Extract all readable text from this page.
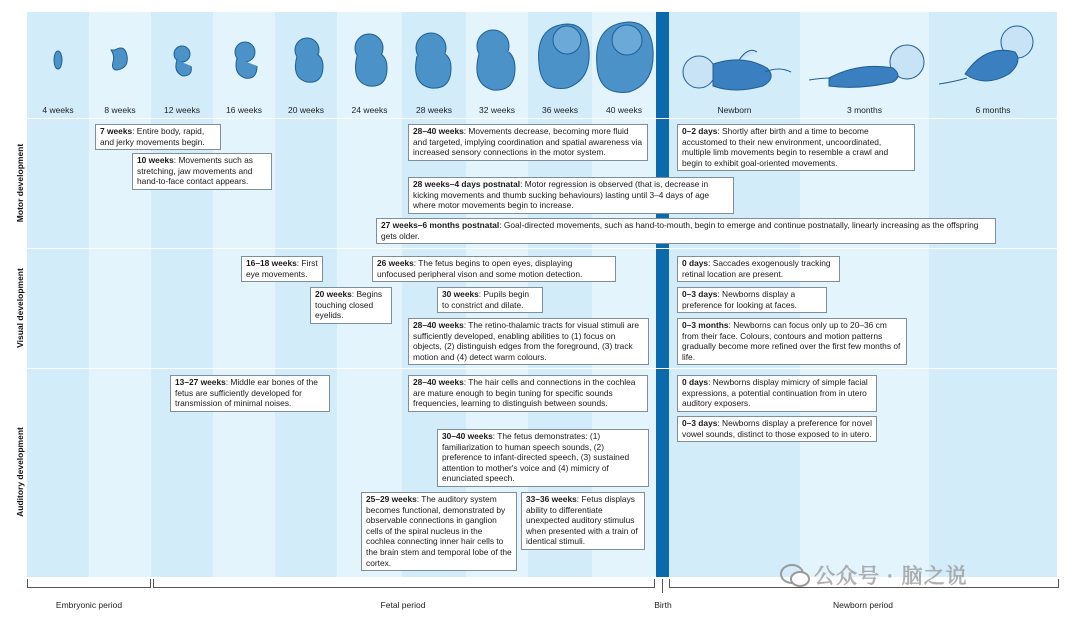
4 weeks	8 weeks	12 weeks	16 weeks	20 weeks	24 weeks	28 weeks	32 weeks	36 weeks	40 weeks	Newborn	3 months	6 months
Motor development
Visual development
Auditory development
7 weeks: Entire body, rapid, and jerky movements begin.
10 weeks: Movements such as stretching, jaw movements and hand-to-face contact appears.
28–40 weeks: Movements decrease, becoming more fluid and targeted, implying coordination and spatial awareness via increased sensory connections in the motor system.
28 weeks–4 days postnatal: Motor regression is observed (that is, decrease in kicking movements and thumb sucking behaviours) lasting until 3–4 days of age where motor movements begin to increase.
0–2 days: Shortly after birth and a time to become accustomed to their new environment, uncoordinated, multiple limb movements begin to resemble a crawl and begin to exhibit goal-oriented movements.
27 weeks–6 months postnatal: Goal-directed movements, such as hand-to-mouth, begin to emerge and continue postnatally, linearly increasing as the offspring gets older.
16–18 weeks: First eye movements.
26 weeks: The fetus begins to open eyes, displaying unfocused peripheral vison and some motion detection.
20 weeks: Begins touching closed eyelids.
30 weeks: Pupils begin to constrict and dilate.
28–40 weeks: The retino-thalamic tracts for visual stimuli are sufficiently developed, enabling abilities to (1) focus on objects, (2) distinguish edges from the foreground, (3) track motion and (4) detect warm colours.
0 days: Saccades exogenously tracking retinal location are present.
0–3 days: Newborns display a preference for looking at faces.
0–3 months: Newborns can focus only up to 20–36 cm from their face. Colours, contours and motion patterns gradually become more refined over the first few months of life.
13–27 weeks: Middle ear bones of the fetus are sufficiently developed for transmission of minimal noises.
28–40 weeks: The hair cells and connections in the cochlea are mature enough to begin tuning for specific sounds frequencies, learning to distinguish between sounds.
30–40 weeks: The fetus demonstrates: (1) familiarization to human speech sounds, (2) preference to infant-directed speech, (3) sustained attention to mother's voice and (4) mimicry of enunciated speech.
25–29 weeks: The auditory system becomes functional, demonstrated by observable connections in ganglion cells of the spiral nucleus in the cochlea connecting inner hair cells to the brain stem and temporal lobe of the cortex.
33–36 weeks: Fetus displays ability to differentiate unexpected auditory stimulus when presented with a train of identical stimuli.
0 days: Newborns display mimicry of simple facial expressions, a potential continuation from in utero auditory exposers.
0–3 days: Newborns display a preference for novel vowel sounds, distinct to those exposed to in utero.
Embryonic period	Fetal period	Birth	Newborn period
公众号 · 脑之说
